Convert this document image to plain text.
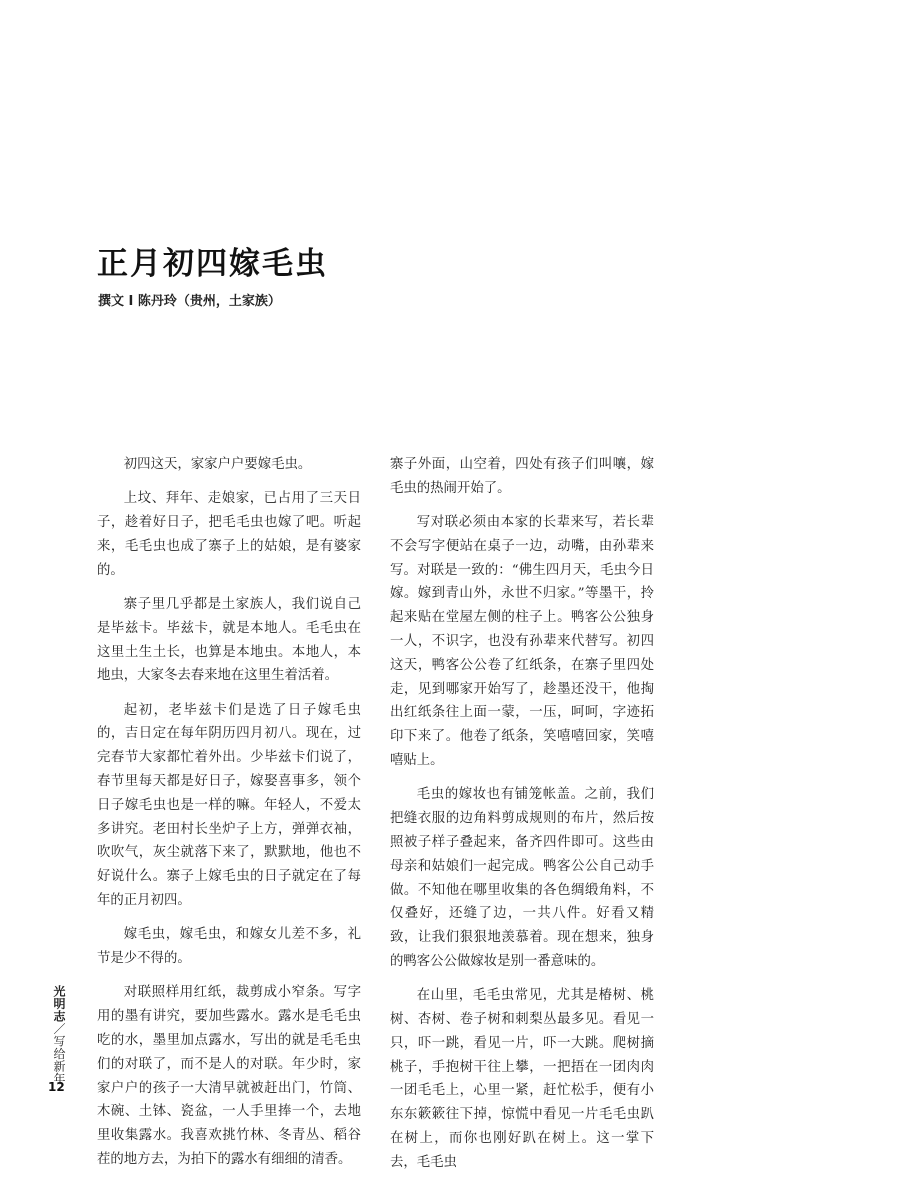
正月初四嫁毛虫
撰文 I 陈丹玲（贵州，土家族）

初四这天，家家户户要嫁毛虫。

上坟、拜年、走娘家，已占用了三天日子，趁着好日子，把毛毛虫也嫁了吧。听起来，毛毛虫也成了寨子上的姑娘，是有婆家的。

寨子里几乎都是土家族人，我们说自己是毕兹卡。毕兹卡，就是本地人。毛毛虫在这里土生土长，也算是本地虫。本地人，本地虫，大家冬去春来地在这里生着活着。

起初，老毕兹卡们是选了日子嫁毛虫的，吉日定在每年阴历四月初八。现在，过完春节大家都忙着外出。少毕兹卡们说了，春节里每天都是好日子，嫁娶喜事多，领个日子嫁毛虫也是一样的嘛。年轻人，不爱太多讲究。老田村长坐炉子上方，弹弹衣袖，吹吹气，灰尘就落下来了，默默地，他也不好说什么。寨子上嫁毛虫的日子就定在了每年的正月初四。

嫁毛虫，嫁毛虫，和嫁女儿差不多，礼节是少不得的。

对联照样用红纸，裁剪成小窄条。写字用的墨有讲究，要加些露水。露水是毛毛虫吃的水，墨里加点露水，写出的就是毛毛虫们的对联了，而不是人的对联。年少时，家家户户的孩子一大清早就被赶出门，竹筒、木碗、土钵、瓷盆，一人手里捧一个，去地里收集露水。我喜欢挑竹林、冬青丛、稻谷茬的地方去，为拍下的露水有细细的清香。

寨子外面，山空着，四处有孩子们叫嚷，嫁毛虫的热闹开始了。

写对联必须由本家的长辈来写，若长辈不会写字便站在桌子一边，动嘴，由孙辈来写。对联是一致的：“佛生四月天，毛虫今日嫁。嫁到青山外，永世不归家。”等墨干，拎起来贴在堂屋左侧的柱子上。鸭客公公独身一人，不识字，也没有孙辈来代替写。初四这天，鸭客公公卷了红纸条，在寨子里四处走，见到哪家开始写了，趁墨还没干，他掏出红纸条往上面一蒙，一压，呵呵，字迹拓印下来了。他卷了纸条，笑嘻嘻回家，笑嘻嘻贴上。

毛虫的嫁妆也有铺笼帐盖。之前，我们把缝衣服的边角料剪成规则的布片，然后按照被子样子叠起来，备齐四件即可。这些由母亲和姑娘们一起完成。鸭客公公自己动手做。不知他在哪里收集的各色绸缎角料，不仅叠好，还缝了边，一共八件。好看又精致，让我们狠狠地羡慕着。现在想来，独身的鸭客公公做嫁妆是别一番意味的。

在山里，毛毛虫常见，尤其是椿树、桃树、杏树、卷子树和刺梨丛最多见。看见一只，吓一跳，看见一片，吓一大跳。爬树摘桃子，手抱树干往上攀，一把捂在一团肉肉一团毛毛上，心里一紧，赶忙松手，便有小东东簌簌往下掉，惊慌中看见一片毛毛虫趴在树上，而你也刚好趴在树上。这一掌下去，毛毛虫

光明志／写给新年
12
